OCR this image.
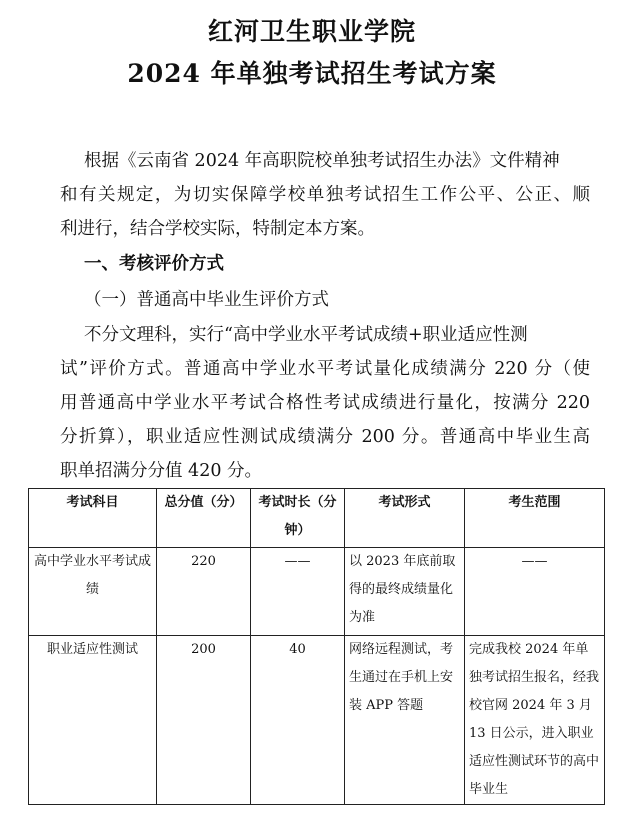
红河卫生职业学院
2024 年单独考试招生考试方案
根据《云南省 2024 年高职院校单独考试招生办法》文件精神
和有关规定，为切实保障学校单独考试招生工作公平、公正、顺
利进行，结合学校实际，特制定本方案。
一、考核评价方式
（一）普通高中毕业生评价方式
不分文理科，实行“高中学业水平考试成绩+职业适应性测
试”评价方式。普通高中学业水平考试量化成绩满分 220 分（使
用普通高中学业水平考试合格性考试成绩进行量化，按满分 220
分折算），职业适应性测试成绩满分 200 分。普通高中毕业生高
职单招满分分值 420 分。
考试科目	总分值（分）	考试时长（分钟）	考试形式	考生范围
高中学业水平考试成绩	220	——	以 2023 年底前取得的最终成绩量化为准	——
职业适应性测试	200	40	网络远程测试，考生通过在手机上安装 APP 答题	完成我校 2024 年单独考试招生报名，经我校官网 2024 年 3 月 13 日公示，进入职业适应性测试环节的高中毕业生
